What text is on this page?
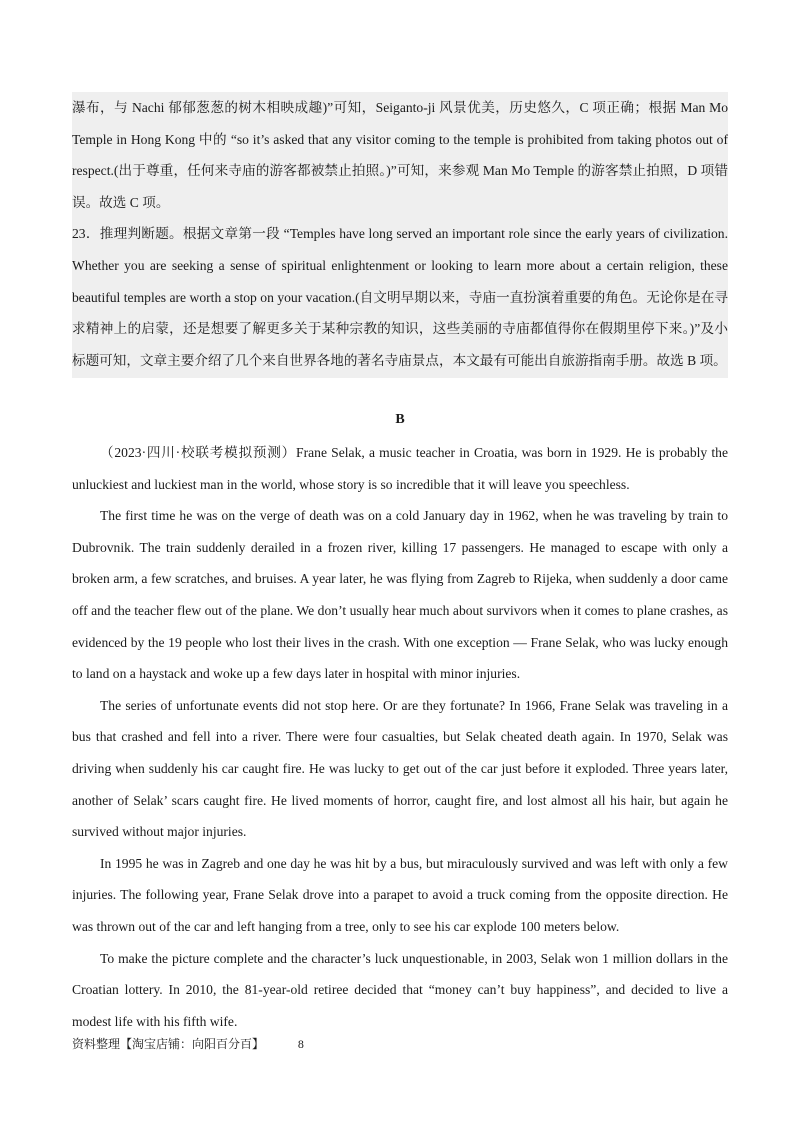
瀑布，与 Nachi 郁郁葱葱的树木相映成趣)”可知，Seiganto-ji 风景优美，历史悠久，C 项正确；根据 Man Mo Temple in Hong Kong 中的 “so it’s asked that any visitor coming to the temple is prohibited from taking photos out of respect.(出于尊重，任何来寺庙的游客都被禁止拍照。)”可知，来参观 Man Mo Temple 的游客禁止拍照，D 项错误。故选 C 项。

23．推理判断题。根据文章第一段 “Temples have long served an important role since the early years of civilization. Whether you are seeking a sense of spiritual enlightenment or looking to learn more about a certain religion, these beautiful temples are worth a stop on your vacation.(自文明早期以来，寺庙一直扮演着重要的角色。无论你是在寻求精神上的启蒙，还是想要了解更多关于某种宗教的知识，这些美丽的寺庙都值得你在假期里停下来。)”及小标题可知，文章主要介绍了几个来自世界各地的著名寺庙景点，本文最有可能出自旅游指南手册。故选 B 项。

B

（2023·四川·校联考模拟预测）Frane Selak, a music teacher in Croatia, was born in 1929. He is probably the unluckiest and luckiest man in the world, whose story is so incredible that it will leave you speechless.

The first time he was on the verge of death was on a cold January day in 1962, when he was traveling by train to Dubrovnik. The train suddenly derailed in a frozen river, killing 17 passengers. He managed to escape with only a broken arm, a few scratches, and bruises. A year later, he was flying from Zagreb to Rijeka, when suddenly a door came off and the teacher flew out of the plane. We don’t usually hear much about survivors when it comes to plane crashes, as evidenced by the 19 people who lost their lives in the crash. With one exception — Frane Selak, who was lucky enough to land on a haystack and woke up a few days later in hospital with minor injuries.

The series of unfortunate events did not stop here. Or are they fortunate? In 1966, Frane Selak was traveling in a bus that crashed and fell into a river. There were four casualties, but Selak cheated death again. In 1970, Selak was driving when suddenly his car caught fire. He was lucky to get out of the car just before it exploded. Three years later, another of Selak’ scars caught fire. He lived moments of horror, caught fire, and lost almost all his hair, but again he survived without major injuries.

In 1995 he was in Zagreb and one day he was hit by a bus, but miraculously survived and was left with only a few injuries. The following year, Frane Selak drove into a parapet to avoid a truck coming from the opposite direction. He was thrown out of the car and left hanging from a tree, only to see his car explode 100 meters below.

To make the picture complete and the character’s luck unquestionable, in 2003, Selak won 1 million dollars in the Croatian lottery. In 2010, the 81-year-old retiree decided that “money can’t buy happiness”, and decided to live a modest life with his fifth wife.

资料整理【淘宝店铺：向阳百分百】	8
